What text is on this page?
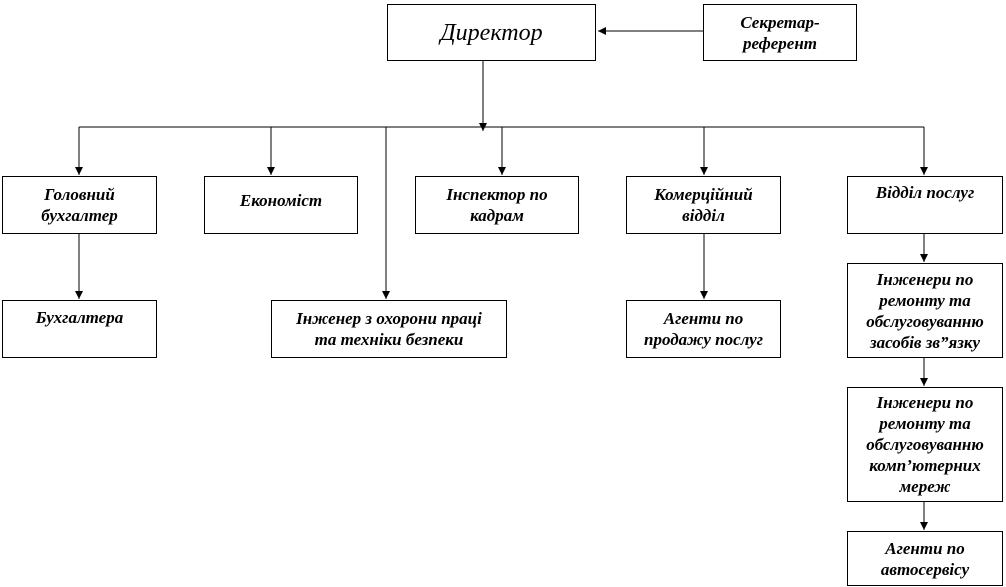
Директор	Секретар-
референт
Головний
бухгалтер
Економіст	Інспектор по
кадрам
Комерційний
відділ
Відділ послуг
Бухгалтера	Інженер з охорони праці
та техніки безпеки
Агенти по
продажу послуг
Інженери по
ремонту та
обслуговуванню
засобів зв”язку
Інженери по
ремонту та
обслуговуванню
комп’ютерних
мереж
Агенти по
автосервісу
